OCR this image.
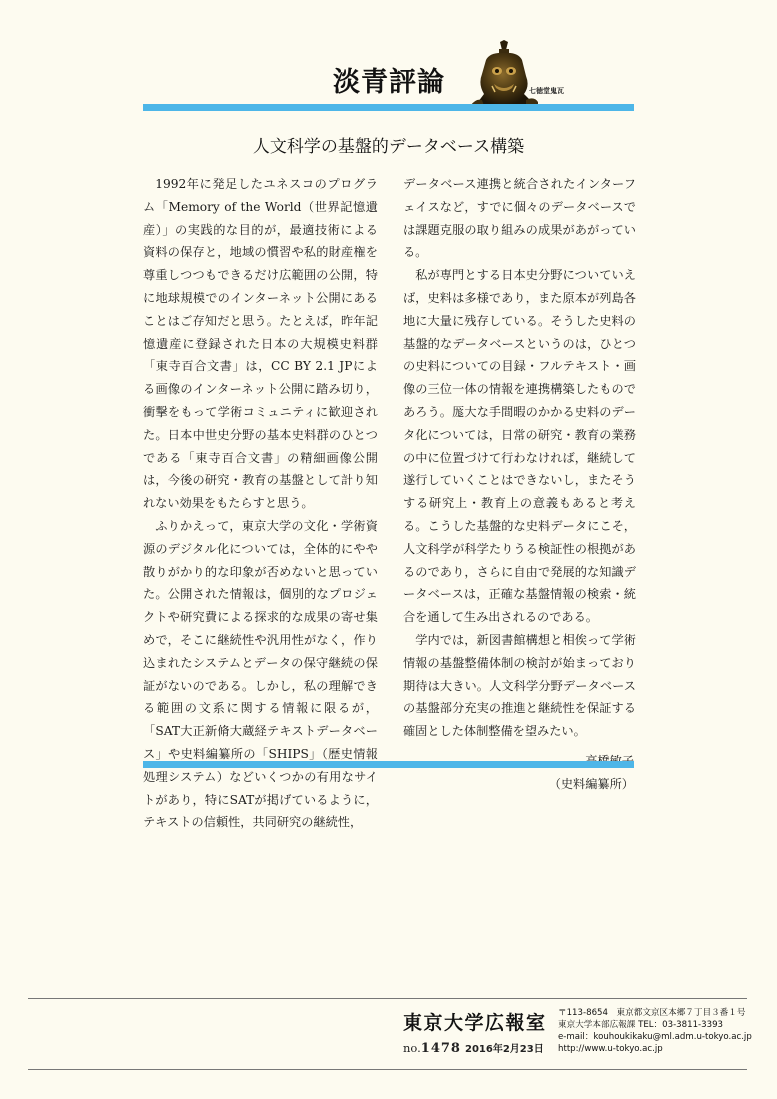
淡青評論	七徳堂鬼瓦
人文科学の基盤的データベース構築

1992年に発足したユネスコのプログラム「Memory of the World（世界記憶遺産）」の実践的な目的が，最適技術による資料の保存と，地域の慣習や私的財産権を尊重しつつもできるだけ広範囲の公開，特に地球規模でのインターネット公開にあることはご存知だと思う。たとえば，昨年記憶遺産に登録された日本の大規模史料群「東寺百合文書」は，CC BY 2.1 JPによる画像のインターネット公開に踏み切り，衝撃をもって学術コミュニティに歓迎された。日本中世史分野の基本史料群のひとつである「東寺百合文書」の精細画像公開は，今後の研究・教育の基盤として計り知れない効果をもたらすと思う。

ふりかえって，東京大学の文化・学術資源のデジタル化については，全体的にやや散りがかり的な印象が否めないと思っていた。公開された情報は，個別的なプロジェクトや研究費による探求的な成果の寄せ集めで，そこに継続性や汎用性がなく，作り込まれたシステムとデータの保守継続の保証がないのである。しかし，私の理解できる範囲の文系に関する情報に限るが，「SAT大正新脩大蔵経テキストデータベース」や史料編纂所の「SHIPS」（歴史情報処理システム）などいくつかの有用なサイトがあり，特にSATが掲げているように，テキストの信頼性，共同研究の継続性，

データベース連携と統合されたインターフェイスなど，すでに個々のデータベースでは課題克服の取り組みの成果があがっている。

私が専門とする日本史分野についていえば，史料は多様であり，また原本が列島各地に大量に残存している。そうした史料の基盤的なデータベースというのは，ひとつの史料についての目録・フルテキスト・画像の三位一体の情報を連携構築したものであろう。厖大な手間暇のかかる史料のデータ化については，日常の研究・教育の業務の中に位置づけて行わなければ，継続して遂行していくことはできないし，またそうする研究上・教育上の意義もあると考える。こうした基盤的な史料データにこそ，人文科学が科学たりうる検証性の根拠があるのであり，さらに自由で発展的な知識データベースは，正確な基盤情報の検索・統合を通して生み出されるのである。

学内では，新図書館構想と相俟って学術情報の基盤整備体制の検討が始まっており期待は大きい。人文科学分野データベースの基盤部分充実の推進と継続性を保証する確固とした体制整備を望みたい。

（史料編纂所）
東京大学広報室
no.1478 2016年2月23日
〒113-8654　東京都文京区本郷７丁目３番１号
東京大学本部広報課 TEL：03-3811-3393
e-mail：kouhoukikaku@ml.adm.u-tokyo.ac.jp
http://www.u-tokyo.ac.jp
